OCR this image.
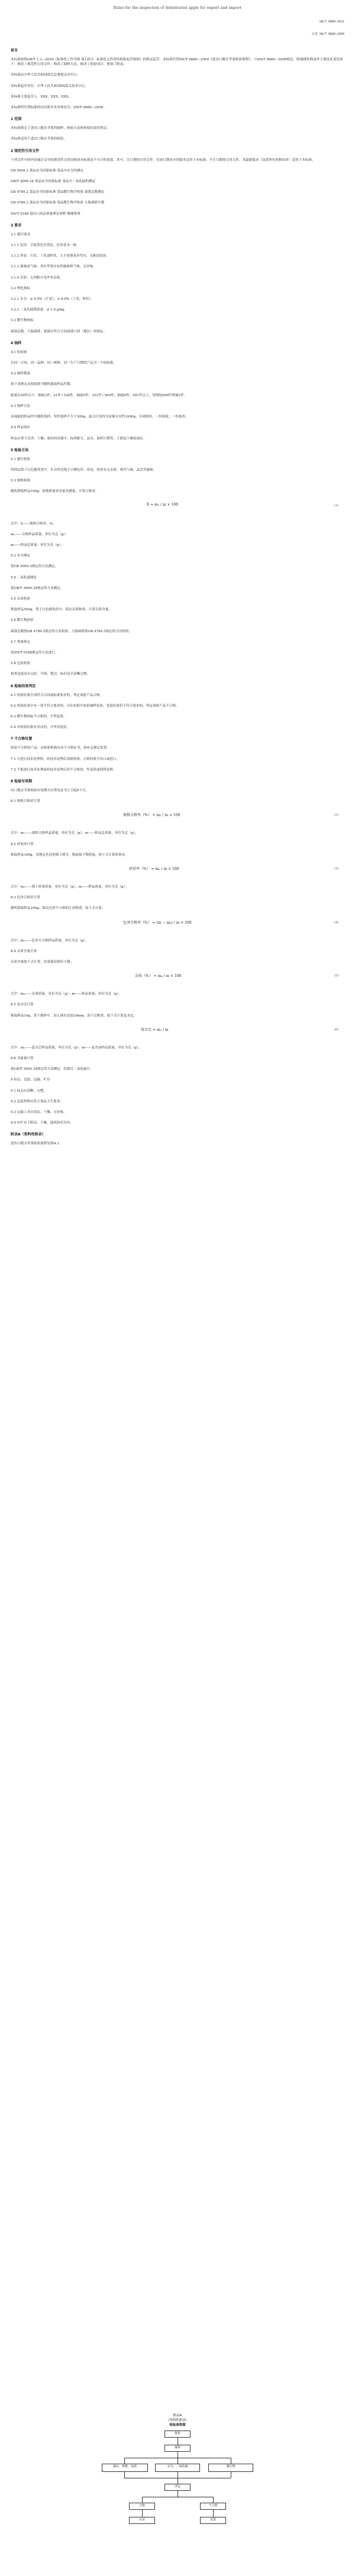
Rules for the inspection of dehydrated apple for export and import
SN/T 0880—2021
代替 SN/T 0880—2000
前言
本标准按照GB/T 1.1—2020《标准化工作导则 第1部分：标准化文件的结构和起草规则》的规定起草。本标准代替SN/T 0880—2000《进出口脱水苹果检验规程》，与SN/T 0880—2000相比，除编辑性修改外主要技术变化如下：修改了规范性引用文件；修改了抽样方法；修改了检验项目；增加了附录。
本标准由中华人民共和国海关总署提出并归口。
本标准起草单位：中华人民共和国XX海关技术中心。
本标准主要起草人：XXX、XXX、XXX。
本标准所代替标准的历次版本发布情况为：SN/T 0880—2000。
1 范围
本标准规定了进出口脱水苹果的抽样、检验方法和检验结果的判定。
本标准适用于进出口脱水苹果的检验。
2 规范性引用文件
下列文件中的内容通过文中的规范性引用而构成本标准必不可少的条款。其中，注日期的引用文件，仅该日期对应的版本适用于本标准；不注日期的引用文件，其最新版本（包括所有的修改单）适用于本标准。
GB 5009.3 食品安全国家标准 食品中水分的测定
GB/T 5009.34 食品安全国家标准 食品中二氧化硫的测定
GB 4789.2 食品安全国家标准 食品微生物学检验 菌落总数测定
GB 4789.3 食品安全国家标准 食品微生物学检验 大肠菌群计数
SN/T 0188 进出口商品重量鉴定规程 衡器鉴重
3 要求
3.1 感官要求
3.1.1 色泽：呈淡黄色至黄色，色泽基本一致。
3.1.2 形态：片状、丁状或粒状，大小厚薄基本均匀，无粘连结块。
3.1.3 滋味及气味：具有苹果应有的滋味和气味，无异味。
3.1.4 杂质：无肉眼可见外来杂质。
3.2 理化指标
3.2.1 水分：≤ 6.0%（片状）；≤ 8.0%（丁状、粒状）。
3.2.2 二氧化硫残留量：≤ 1.0 g/kg。
3.3 微生物指标
菌落总数、大肠菌群、霉菌应符合合同或进口国（地区）的规定。
4 抽样
4.1 检验批
以同一合同、同一品种、同一规格、同一生产日期的产品为一个检验批。
4.2 抽样数量
按下表规定从检验批中随机抽取样品件数。
批量在50件以下，抽取3件；51件~100件，抽取5件；101件~500件，抽取8件；501件以上，每增加500件增抽2件。
4.3 抽样方法
从抽取的样品件中随机取样，每件取样不少于200g，混合后用四分法缩分至约1000g，分成两份，一份检验，一份备查。
4.4 样品保存
样品应置于洁净、干燥、密封的容器中，标明批号、品名、取样日期等，于阴凉干燥处保存。
5 检验方法
5.1 感官检验
将样品置于白色搪瓷盘中，在自然光线下目测色泽、形态，检查有无杂质，嗅其气味，品尝其滋味。
5.2 规格检验
随机称取样品100g，按规格要求用量具测量，计算合格率。
X = m₁ / m × 100	(1)
式中：X——规格合格率，%；
m₁——合格样品质量，单位为克（g）；
m——样品总质量，单位为克（g）。
5.3 水分测定
按GB 5009.3规定的方法测定。
5.4 二氧化硫测定
按GB/T 5009.34规定的方法测定。
5.5 杂质检验
称取样品500g，置于白色搪瓷盘中，拣出杂质称重，计算杂质含量。
5.6 微生物检验
菌落总数按GB 4789.2规定的方法检验；大肠菌群按GB 4789.3规定的方法检验。
5.7 重量鉴定
按SN/T 0188规定的方法进行。
5.8 包装检验
检查包装是否完好、牢固、整洁，标识是否清晰完整。
6 检验结果判定
6.1 检验结果全部符合合同或标准要求的，判定该批产品合格。
6.2 检验结果中有一项不符合要求的，可在原批中加倍抽样复验，复验结果仍不符合要求的，判定该批产品不合格。
6.3 微生物指标不合格的，不得复验。
6.4 对检验结果有异议的，可申请复验。
7 不合格处置
检验不合格的产品，由检验机构出具不合格证书，按有关规定处置。
7.1 可进行技术处理的，经技术处理后重新检验，合格的准予出口或进口。
7.2 不能进行技术处理或经技术处理后仍不合格的，作退货或销毁处理。
8 检验有效期
出口脱水苹果检验有效期为自签发证书之日起6个月。
8.1 规格合格率计算
规格合格率（%） = m₁ / m × 100	(2)
式中：m₁——规格合格样品质量，单位为克（g）；m——样品总质量，单位为克（g）。
8.2 碎屑率计算
称取样品100g，用规定孔径的筛子筛分，称取筛下物质量，按下式计算碎屑率。
碎屑率（%） = m₂ / m × 100	(3)
式中：m₂——筛下碎屑质量，单位为克（g）；m——样品质量，单位为克（g）。
8.3 色泽合格率计算
随机称取样品100g，拣出色泽不合格的片块称重，按下式计算。
色泽合格率（%） = (m − m₃) / m × 100	(4)
式中：m₃——色泽不合格样品质量，单位为克（g）。
8.4 杂质含量计算
杂质含量按下式计算，结果保留两位小数。
杂质（%） = m₄ / m × 100	(5)
式中：m₄——杂质质量，单位为克（g）；m——样品质量，单位为克（g）。
8.5 复水比计算
称取样品10g，置于烧杯中，加入沸水浸泡10min，沥干后称重，按下式计算复水比。
复水比 = m₅ / m	(6)
式中：m₅——复水后样品质量，单位为克（g）；m——复水前样品质量，单位为克（g）。
8.6 含硫量计算
按GB/T 5009.34规定的方法测定，结果以二氧化硫计。
9 标志、包装、运输、贮存
9.1 标志应清晰、完整。
9.2 包装材料应符合食品卫生要求。
9.3 运输工具应清洁、干燥、无异味。
9.4 应贮存于阴凉、干燥、通风的库房内。
附录A（资料性附录）
进出口脱水苹果检验流程见图A.1。
附录A
（资料性附录）
检验流程图
报检
抽样
感官、规格、杂质	水分、二氧化硫	微生物
评定
合格	不合格
出证	处置
